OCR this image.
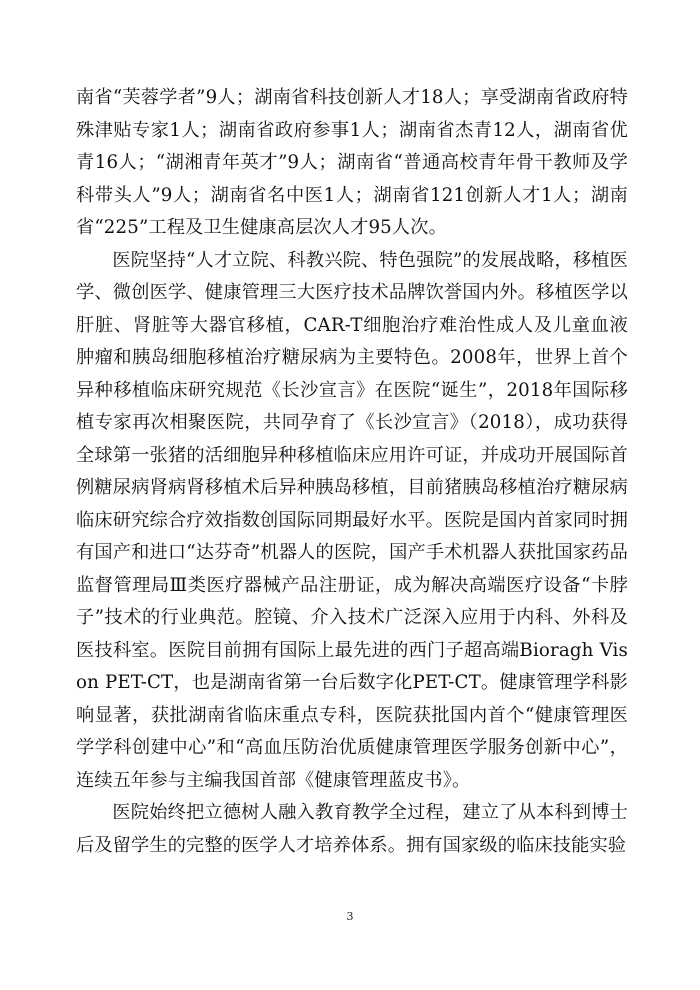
南省“芙蓉学者”9人；湖南省科技创新人才18人；享受湖南省政府特殊津贴专家1人；湖南省政府参事1人；湖南省杰青12人，湖南省优青16人；“湖湘青年英才”9人；湖南省“普通高校青年骨干教师及学科带头人”9人；湖南省名中医1人；湖南省121创新人才1人；湖南省“225”工程及卫生健康高层次人才95人次。

医院坚持“人才立院、科教兴院、特色强院”的发展战略，移植医学、微创医学、健康管理三大医疗技术品牌饮誉国内外。移植医学以肝脏、肾脏等大器官移植，CAR-T细胞治疗难治性成人及儿童血液肿瘤和胰岛细胞移植治疗糖尿病为主要特色。2008年，世界上首个异种移植临床研究规范《长沙宣言》在医院“诞生”，2018年国际移植专家再次相聚医院，共同孕育了《长沙宣言》（2018），成功获得全球第一张猪的活细胞异种移植临床应用许可证，并成功开展国际首例糖尿病肾病肾移植术后异种胰岛移植，目前猪胰岛移植治疗糖尿病临床研究综合疗效指数创国际同期最好水平。医院是国内首家同时拥有国产和进口“达芬奇”机器人的医院，国产手术机器人获批国家药品监督管理局Ⅲ类医疗器械产品注册证，成为解决高端医疗设备“卡脖子”技术的行业典范。腔镜、介入技术广泛深入应用于内科、外科及医技科室。医院目前拥有国际上最先进的西门子超高端Bioragh Vison PET-CT，也是湖南省第一台后数字化PET-CT。健康管理学科影响显著，获批湖南省临床重点专科，医院获批国内首个“健康管理医学学科创建中心”和“高血压防治优质健康管理医学服务创新中心”，连续五年参与主编我国首部《健康管理蓝皮书》。

医院始终把立德树人融入教育教学全过程，建立了从本科到博士后及留学生的完整的医学人才培养体系。拥有国家级的临床技能实验

3
